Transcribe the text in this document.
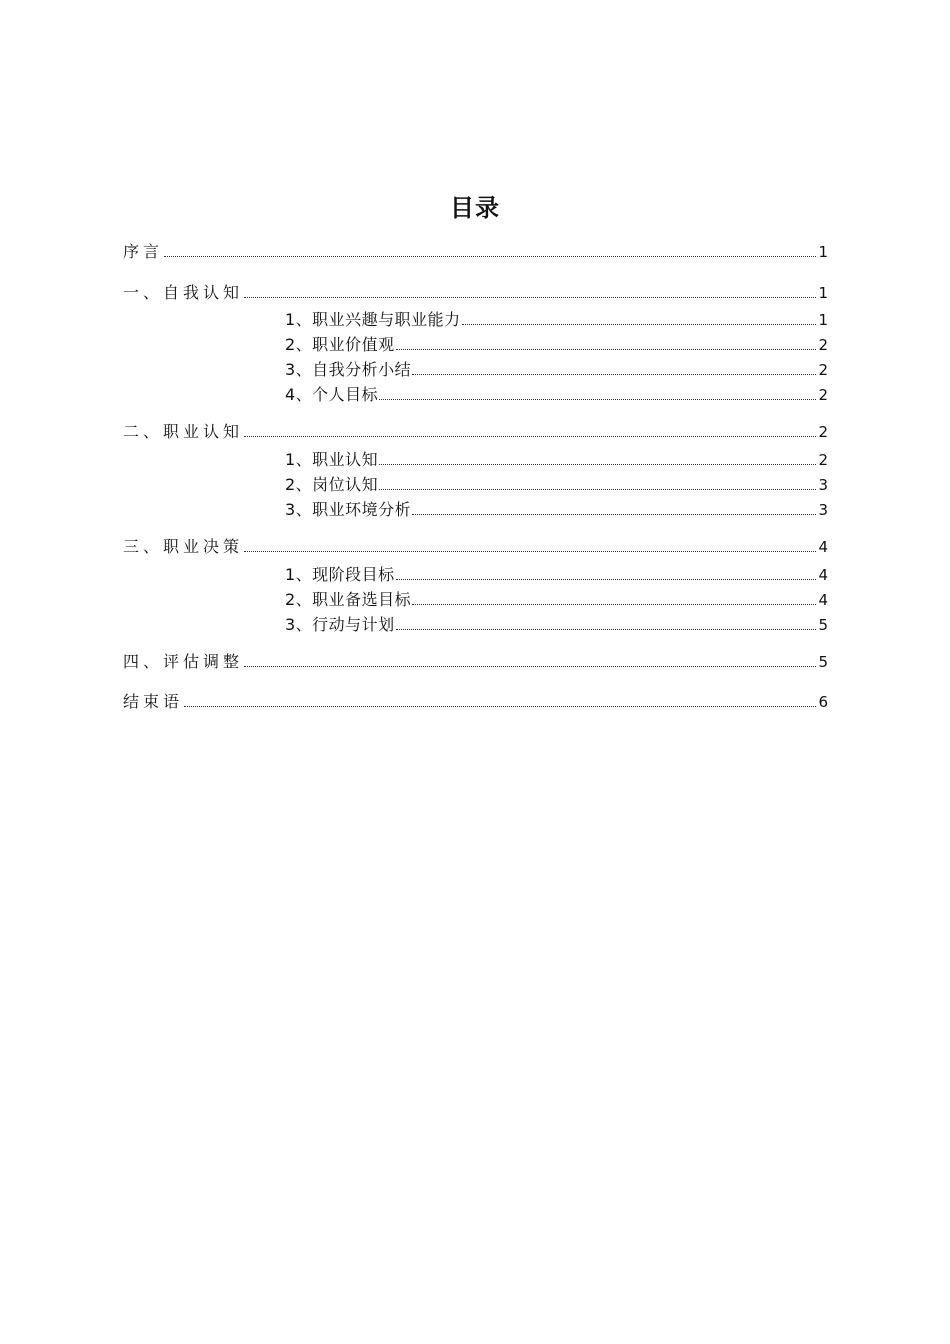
目录
序言	1
一、自我认知	1
1、职业兴趣与职业能力	1
2、职业价值观	2
3、自我分析小结	2
4、个人目标	2
二、职业认知	2
1、职业认知	2
2、岗位认知	3
3、职业环境分析	3
三、职业决策	4
1、现阶段目标	4
2、职业备选目标	4
3、行动与计划	5
四、评估调整	5
结束语	6
